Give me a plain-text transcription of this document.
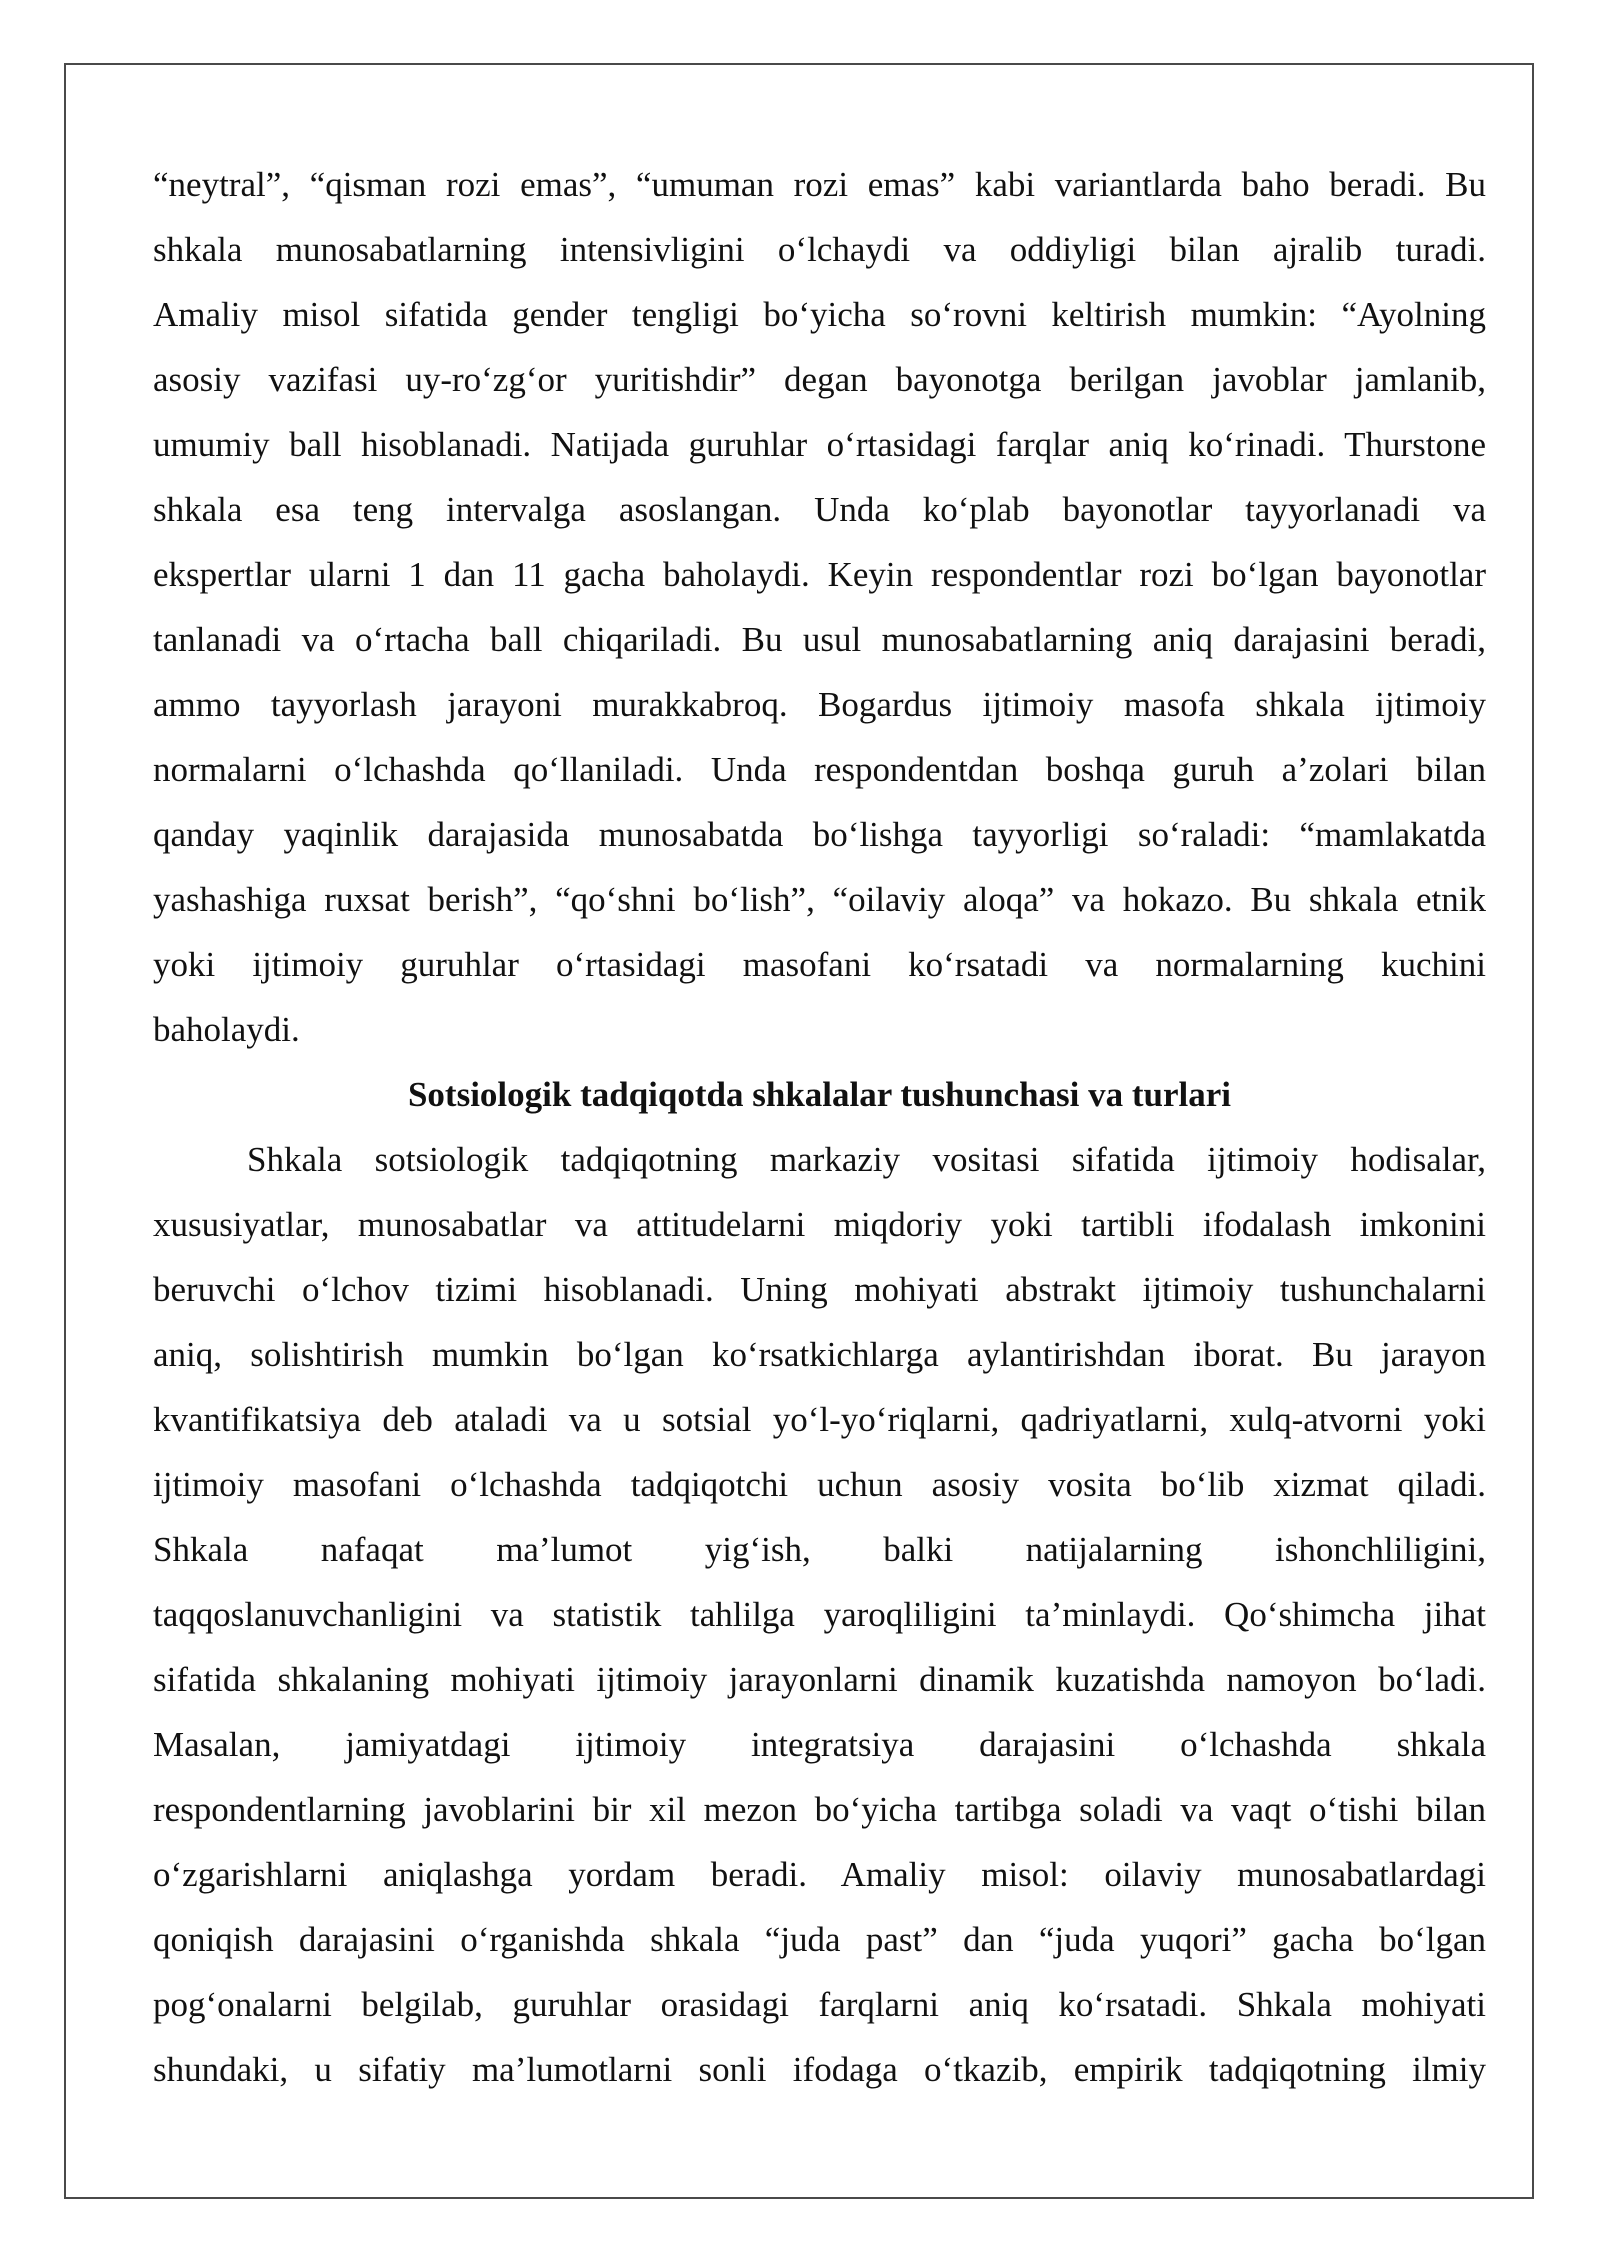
“neytral”, “qisman rozi emas”, “umuman rozi emas” kabi variantlarda baho beradi. Bu
shkala munosabatlarning intensivligini o‘lchaydi va oddiyligi bilan ajralib turadi.
Amaliy misol sifatida gender tengligi bo‘yicha so‘rovni keltirish mumkin: “Ayolning
asosiy vazifasi uy-ro‘zg‘or yuritishdir” degan bayonotga berilgan javoblar jamlanib,
umumiy ball hisoblanadi. Natijada guruhlar o‘rtasidagi farqlar aniq ko‘rinadi. Thurstone
shkala esa teng intervalga asoslangan. Unda ko‘plab bayonotlar tayyorlanadi va
ekspertlar ularni 1 dan 11 gacha baholaydi. Keyin respondentlar rozi bo‘lgan bayonotlar
tanlanadi va o‘rtacha ball chiqariladi. Bu usul munosabatlarning aniq darajasini beradi,
ammo tayyorlash jarayoni murakkabroq. Bogardus ijtimoiy masofa shkala ijtimoiy
normalarni o‘lchashda qo‘llaniladi. Unda respondentdan boshqa guruh a’zolari bilan
qanday yaqinlik darajasida munosabatda bo‘lishga tayyorligi so‘raladi: “mamlakatda
yashashiga ruxsat berish”, “qo‘shni bo‘lish”, “oilaviy aloqa” va hokazo. Bu shkala etnik
yoki ijtimoiy guruhlar o‘rtasidagi masofani ko‘rsatadi va normalarning kuchini
baholaydi.
Sotsiologik tadqiqotda shkalalar tushunchasi va turlari
Shkala sotsiologik tadqiqotning markaziy vositasi sifatida ijtimoiy hodisalar,
xususiyatlar, munosabatlar va attitudelarni miqdoriy yoki tartibli ifodalash imkonini
beruvchi o‘lchov tizimi hisoblanadi. Uning mohiyati abstrakt ijtimoiy tushunchalarni
aniq, solishtirish mumkin bo‘lgan ko‘rsatkichlarga aylantirishdan iborat. Bu jarayon
kvantifikatsiya deb ataladi va u sotsial yo‘l-yo‘riqlarni, qadriyatlarni, xulq-atvorni yoki
ijtimoiy masofani o‘lchashda tadqiqotchi uchun asosiy vosita bo‘lib xizmat qiladi.
Shkala nafaqat ma’lumot yig‘ish, balki natijalarning ishonchliligini,
taqqoslanuvchanligini va statistik tahlilga yaroqliligini ta’minlaydi. Qo‘shimcha jihat
sifatida shkalaning mohiyati ijtimoiy jarayonlarni dinamik kuzatishda namoyon bo‘ladi.
Masalan, jamiyatdagi ijtimoiy integratsiya darajasini o‘lchashda shkala
respondentlarning javoblarini bir xil mezon bo‘yicha tartibga soladi va vaqt o‘tishi bilan
o‘zgarishlarni aniqlashga yordam beradi. Amaliy misol: oilaviy munosabatlardagi
qoniqish darajasini o‘rganishda shkala “juda past” dan “juda yuqori” gacha bo‘lgan
pog‘onalarni belgilab, guruhlar orasidagi farqlarni aniq ko‘rsatadi. Shkala mohiyati
shundaki, u sifatiy ma’lumotlarni sonli ifodaga o‘tkazib, empirik tadqiqotning ilmiy
